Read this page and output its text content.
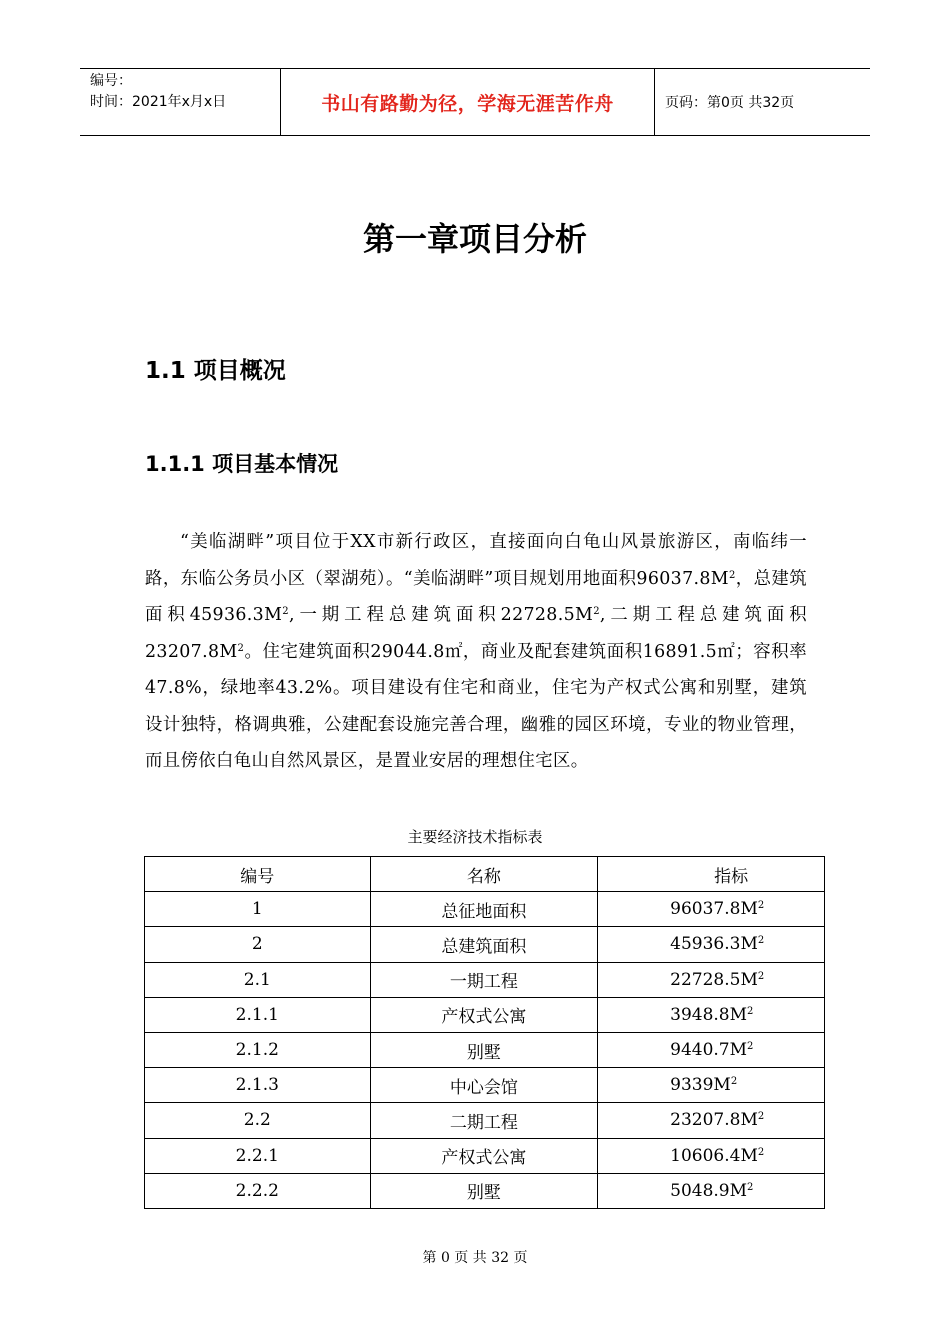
编号：
时间：2021年x月x日	书山有路勤为径，学海无涯苦作舟	页码：第0页 共32页
第一章项目分析
1.1 项目概况
1.1.1 项目基本情况

“美临湖畔”项目位于XX市新行政区，直接面向白龟山风景旅游区，南临纬一路，东临公务员小区（翠湖苑）。“美临湖畔”项目规划用地面积$96037.8M^2$，总建筑面积$45936.3M^2$,一期工程总建筑面积$22728.5M^2$,二期工程总建筑面积$23207.8M^2$。住宅建筑面积29044.8㎡，商业及配套建筑面积16891.5㎡；容积率47.8%，绿地率43.2%。项目建设有住宅和商业，住宅为产权式公寓和别墅，建筑设计独特，格调典雅，公建配套设施完善合理，幽雅的园区环境，专业的物业管理，而且傍依白龟山自然风景区，是置业安居的理想住宅区。

主要经济技术指标表
编号	名称	指标
1	总征地面积	$96037.8M^2$
2	总建筑面积	$45936.3M^2$
2.1	一期工程	$22728.5M^2$
2.1.1	产权式公寓	$3948.8M^2$
2.1.2	别墅	$9440.7M^2$
2.1.3	中心会馆	$9339M^2$
2.2	二期工程	$23207.8M^2$
2.2.1	产权式公寓	$10606.4M^2$
2.2.2	别墅	$5048.9M^2$
第 0 页 共 32 页
